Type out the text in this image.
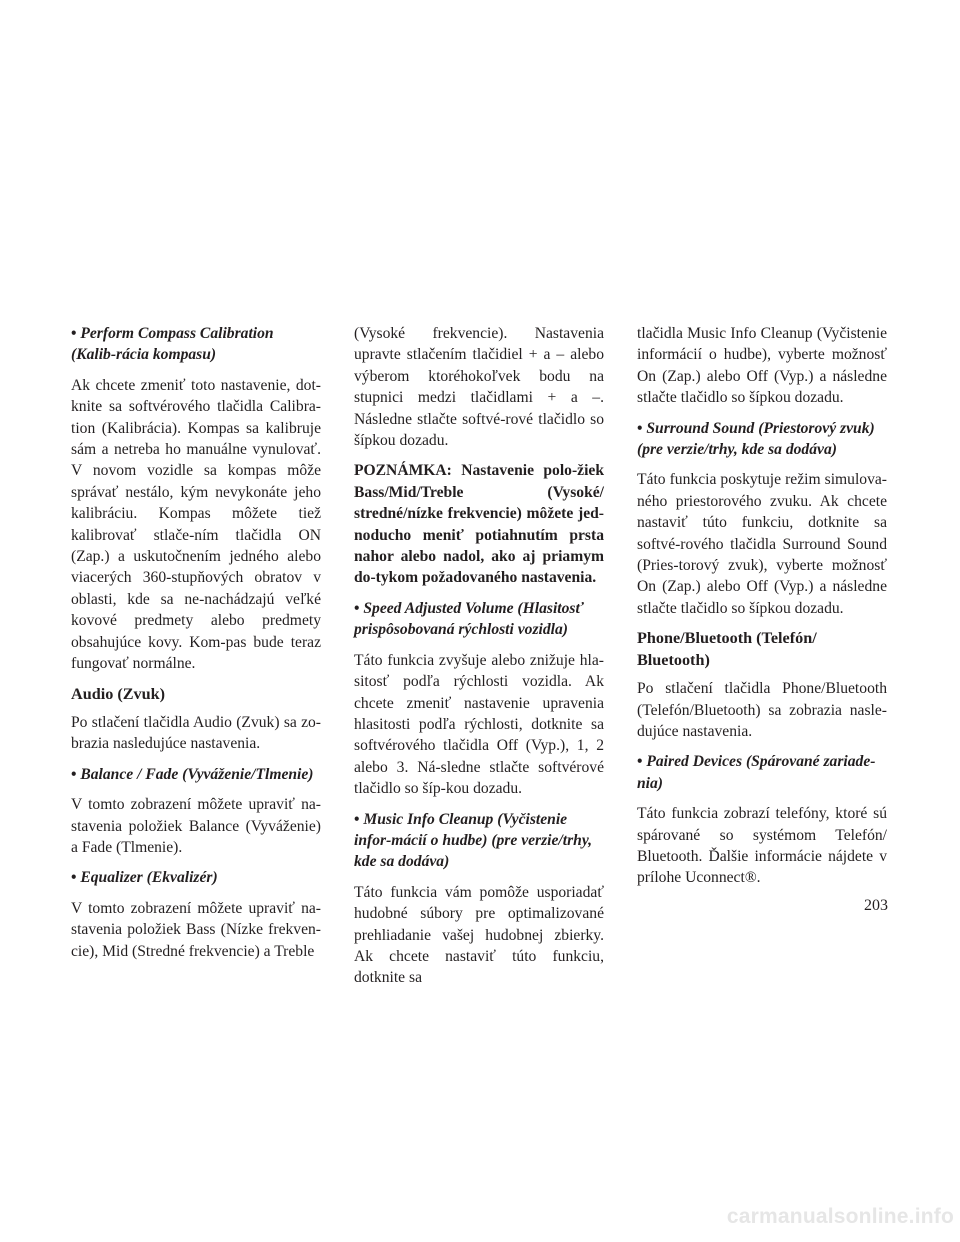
• Perform Compass Calibration (Kalib-rácia kompasu)

Ak chcete zmeniť toto nastavenie, dot-knite sa softvérového tlačidla Calibra-tion (Kalibrácia). Kompas sa kalibruje sám a netreba ho manuálne vynulovať. V novom vozidle sa kompas môže správať nestálo, kým nevykonáte jeho kalibráciu. Kompas môžete tiež kalibrovať stlače-ním tlačidla ON (Zap.) a uskutočnením jedného alebo viacerých 360-stupňových obratov v oblasti, kde sa ne-nachádzajú veľké kovové predmety alebo predmety obsahujúce kovy. Kom-pas bude teraz fungovať normálne.

Audio (Zvuk)

Po stlačení tlačidla Audio (Zvuk) sa zo-brazia nasledujúce nastavenia.

• Balance / Fade (Vyváženie/Tlmenie)

V tomto zobrazení môžete upraviť na-stavenia položiek Balance (Vyváženie) a Fade (Tlmenie).

• Equalizer (Ekvalizér)

V tomto zobrazení môžete upraviť na-stavenia položiek Bass (Nízke frekven-cie), Mid (Stredné frekvencie) a Treble

(Vysoké frekvencie). Nastavenia upravte stlačením tlačidiel + a – alebo výberom ktoréhokoľvek bodu na stupnici medzi tlačidlami + a –. Následne stlačte softvé-rové tlačidlo so šípkou dozadu.

POZNÁMKA: Nastavenie polo-žiek Bass/Mid/Treble (Vysoké/ stredné/nízke frekvencie) môžete jed-noducho meniť potiahnutím prsta nahor alebo nadol, ako aj priamym do-tykom požadovaného nastavenia.
• Speed Adjusted Volume (Hlasitosť prispôsobovaná rýchlosti vozidla)

Táto funkcia zvyšuje alebo znižuje hla-sitosť podľa rýchlosti vozidla. Ak chcete zmeniť nastavenie upravenia hlasitosti podľa rýchlosti, dotknite sa softvérového tlačidla Off (Vyp.), 1, 2 alebo 3. Ná-sledne stlačte softvérové tlačidlo so šíp-kou dozadu.

• Music Info Cleanup (Vyčistenie infor-mácií o hudbe) (pre verzie/trhy, kde sa dodáva)

Táto funkcia vám pomôže usporiadať hudobné súbory pre optimalizované prehliadanie vašej hudobnej zbierky. Ak chcete nastaviť túto funkciu, dotknite sa

tlačidla Music Info Cleanup (Vyčistenie informácií o hudbe), vyberte možnosť On (Zap.) alebo Off (Vyp.) a následne stlačte tlačidlo so šípkou dozadu.

• Surround Sound (Priestorový zvuk) (pre verzie/trhy, kde sa dodáva)

Táto funkcia poskytuje režim simulova-ného priestorového zvuku. Ak chcete nastaviť túto funkciu, dotknite sa softvé-rového tlačidla Surround Sound (Pries-torový zvuk), vyberte možnosť On (Zap.) alebo Off (Vyp.) a následne stlačte tlačidlo so šípkou dozadu.

Phone/Bluetooth (Telefón/ Bluetooth)

Po stlačení tlačidla Phone/Bluetooth (Telefón/Bluetooth) sa zobrazia nasle-dujúce nastavenia.

• Paired Devices (Spárované zariade-nia)

Táto funkcia zobrazí telefóny, ktoré sú spárované so systémom Telefón/ Bluetooth. Ďalšie informácie nájdete v prílohe Uconnect®.

203
carmanualsonline.info
